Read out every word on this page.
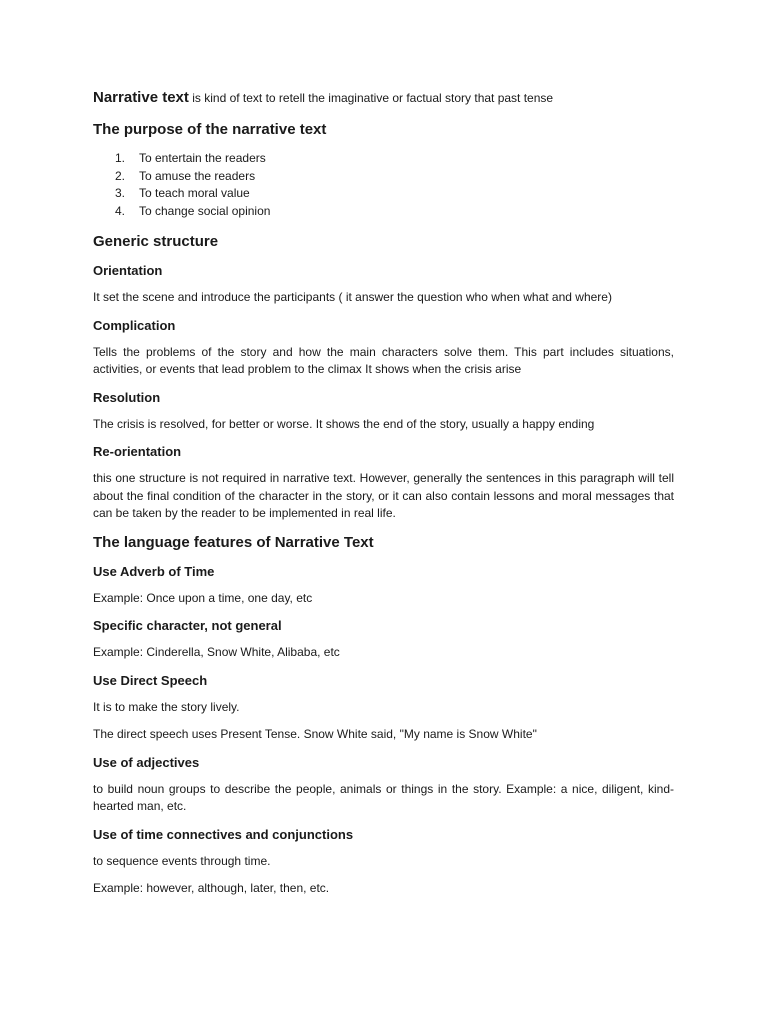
Narrative text is kind of text to retell the imaginative or factual story that past tense

The purpose of the narrative text
1. To entertain the readers
2. To amuse the readers
3. To teach moral value
4. To change social opinion
Generic structure
Orientation

It set the scene and introduce the participants ( it answer the question who when what and where)

Complication

Tells the problems of the story and how the main characters solve them. This part includes situations, activities, or events that lead problem to the climax It shows when the crisis arise

Resolution

The crisis is resolved, for better or worse. It shows the end of the story, usually a happy ending

Re-orientation

this one structure is not required in narrative text. However, generally the sentences in this paragraph will tell about the final condition of the character in the story, or it can also contain lessons and moral messages that can be taken by the reader to be implemented in real life.

The language features of Narrative Text
Use Adverb of Time

Example: Once upon a time, one day, etc

Specific character, not general

Example: Cinderella, Snow White, Alibaba, etc

Use Direct Speech

It is to make the story lively.

The direct speech uses Present Tense. Snow White said, "My name is Snow White"

Use of adjectives

to build noun groups to describe the people, animals or things in the story. Example: a nice, diligent, kind-hearted man, etc.

Use of time connectives and conjunctions

to sequence events through time.

Example: however, although, later, then, etc.
